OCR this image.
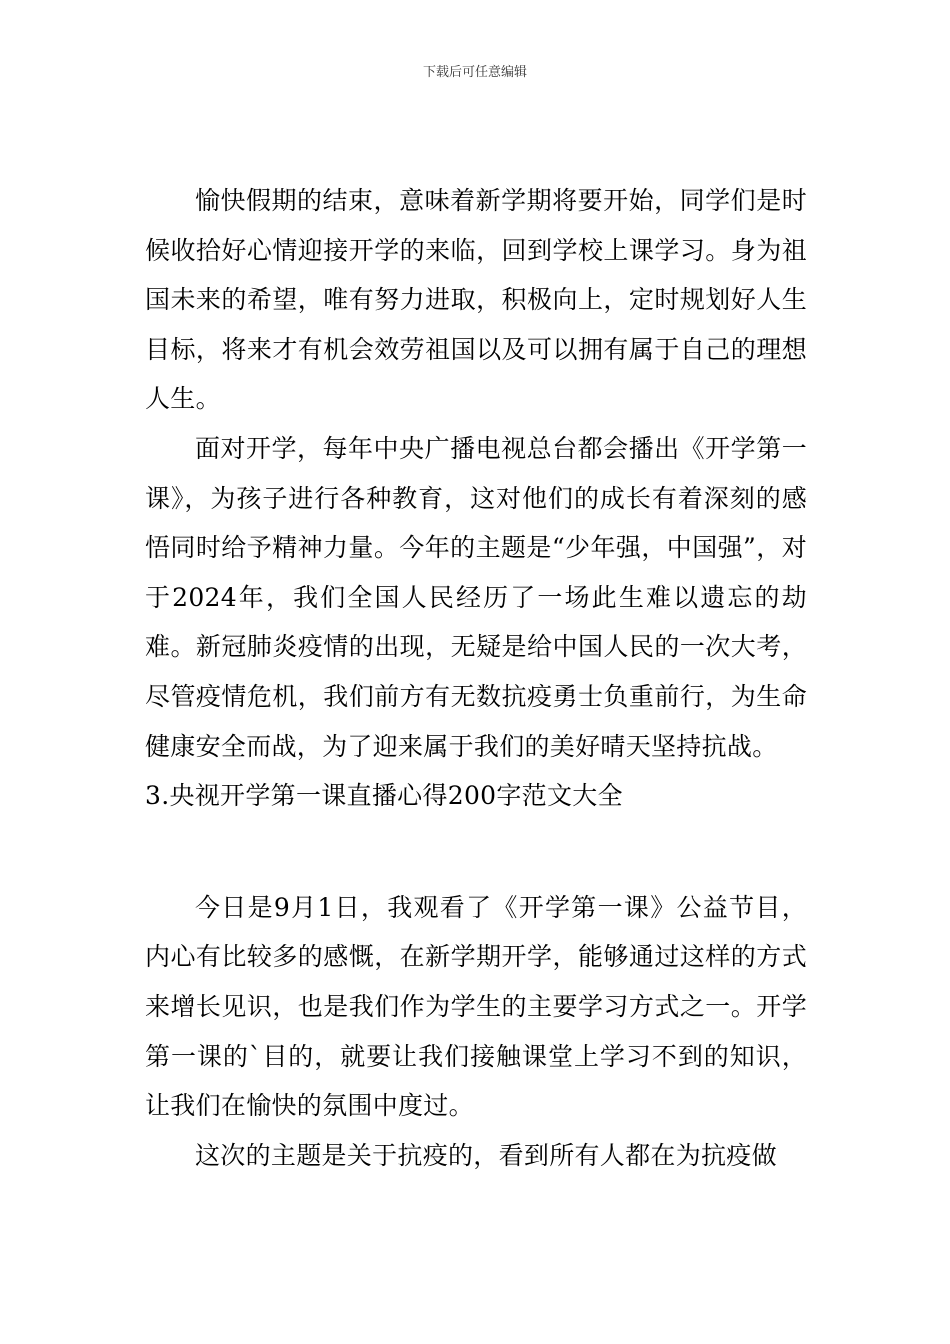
下载后可任意编辑

愉快假期的结束，意味着新学期将要开始，同学们是时候收拾好心情迎接开学的来临，回到学校上课学习。身为祖国未来的希望，唯有努力进取，积极向上，定时规划好人生目标，将来才有机会效劳祖国以及可以拥有属于自己的理想人生。

面对开学，每年中央广播电视总台都会播出《开学第一课》，为孩子进行各种教育，这对他们的成长有着深刻的感悟同时给予精神力量。今年的主题是“少年强，中国强”，对于2024年，我们全国人民经历了一场此生难以遗忘的劫难。新冠肺炎疫情的出现，无疑是给中国人民的一次大考，尽管疫情危机，我们前方有无数抗疫勇士负重前行，为生命健康安全而战，为了迎来属于我们的美好晴天坚持抗战。

3.央视开学第一课直播心得200字范文大全

今日是9月1日，我观看了《开学第一课》公益节目，内心有比较多的感慨，在新学期开学，能够通过这样的方式来增长见识，也是我们作为学生的主要学习方式之一。开学第一课的`目的，就要让我们接触课堂上学习不到的知识，让我们在愉快的氛围中度过。

这次的主题是关于抗疫的，看到所有人都在为抗疫做
